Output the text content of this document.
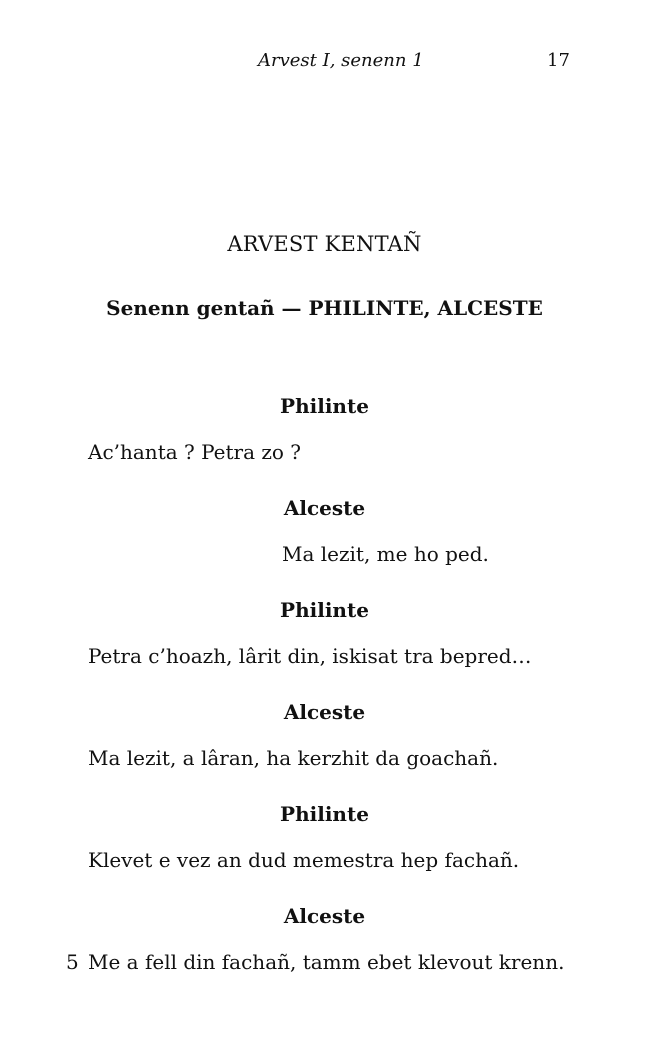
Arvest I, senenn 1	17
ARVEST KENTAÑ
Senenn gentañ — PHILINTE, ALCESTE
Philinte
Ac’hanta ? Petra zo ?
Alceste
Ma lezit, me ho ped.
Philinte
Petra c’hoazh, lârit din, iskisat tra bepred…
Alceste
Ma lezit, a lâran, ha kerzhit da goachañ.
Philinte
Klevet e vez an dud memestra hep fachañ.
Alceste
5 Me a fell din fachañ, tamm ebet klevout krenn.
